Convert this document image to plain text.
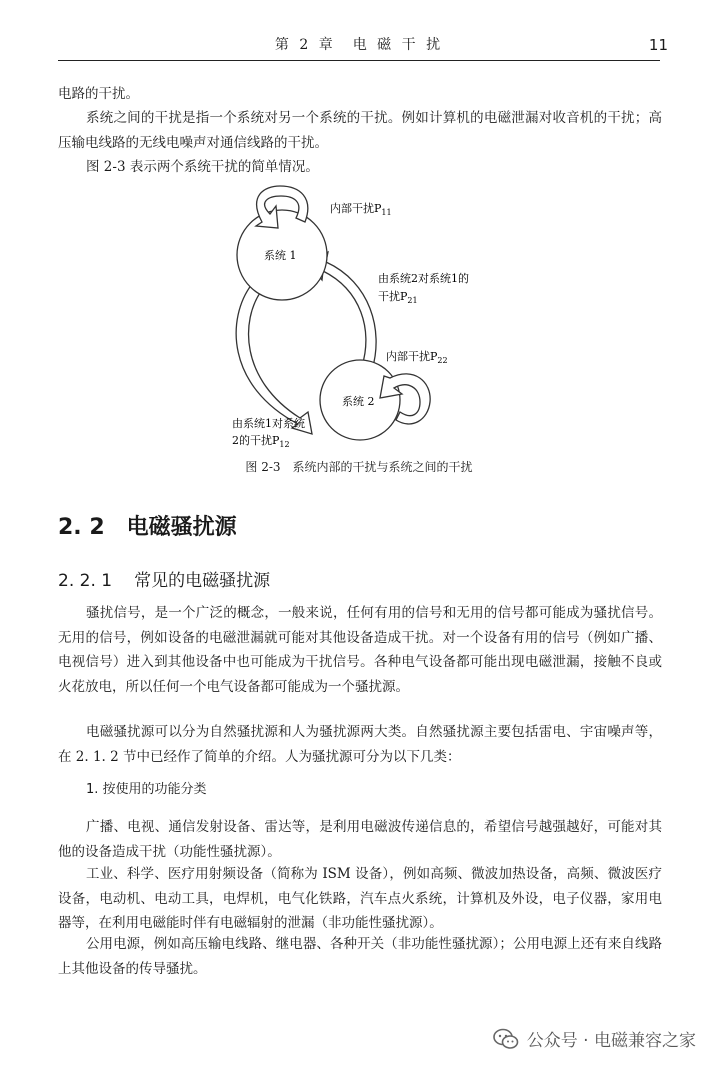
第 2 章　电 磁 干 扰	11
电路的干扰。
系统之间的干扰是指一个系统对另一个系统的干扰。例如计算机的电磁泄漏对收音机的干扰；高压输电线路的无线电噪声对通信线路的干扰。
图 2-3 表示两个系统干扰的简单情况。
系统 1
系统 2
内部干扰$P_{11}$
由系统2对系统1的
干扰$P_{21}$
内部干扰$P_{22}$
由系统1对系统
2的干扰$P_{12}$
图 2-3　系统内部的干扰与系统之间的干扰
2. 2 电磁骚扰源
2. 2. 1 常见的电磁骚扰源
骚扰信号，是一个广泛的概念，一般来说，任何有用的信号和无用的信号都可能成为骚扰信号。无用的信号，例如设备的电磁泄漏就可能对其他设备造成干扰。对一个设备有用的信号（例如广播、电视信号）进入到其他设备中也可能成为干扰信号。各种电气设备都可能出现电磁泄漏，接触不良或火花放电，所以任何一个电气设备都可能成为一个骚扰源。
电磁骚扰源可以分为自然骚扰源和人为骚扰源两大类。自然骚扰源主要包括雷电、宇宙噪声等，在 2. 1. 2 节中已经作了简单的介绍。人为骚扰源可分为以下几类：
1. 按使用的功能分类
广播、电视、通信发射设备、雷达等，是利用电磁波传递信息的，希望信号越强越好，可能对其他的设备造成干扰（功能性骚扰源）。
工业、科学、医疗用射频设备（简称为 ISM 设备），例如高频、微波加热设备，高频、微波医疗设备，电动机、电动工具，电焊机，电气化铁路，汽车点火系统，计算机及外设，电子仪器，家用电器等，在利用电磁能时伴有电磁辐射的泄漏（非功能性骚扰源）。
公用电源，例如高压输电线路、继电器、各种开关（非功能性骚扰源）；公用电源上还有来自线路上其他设备的传导骚扰。
公众号 · 电磁兼容之家
